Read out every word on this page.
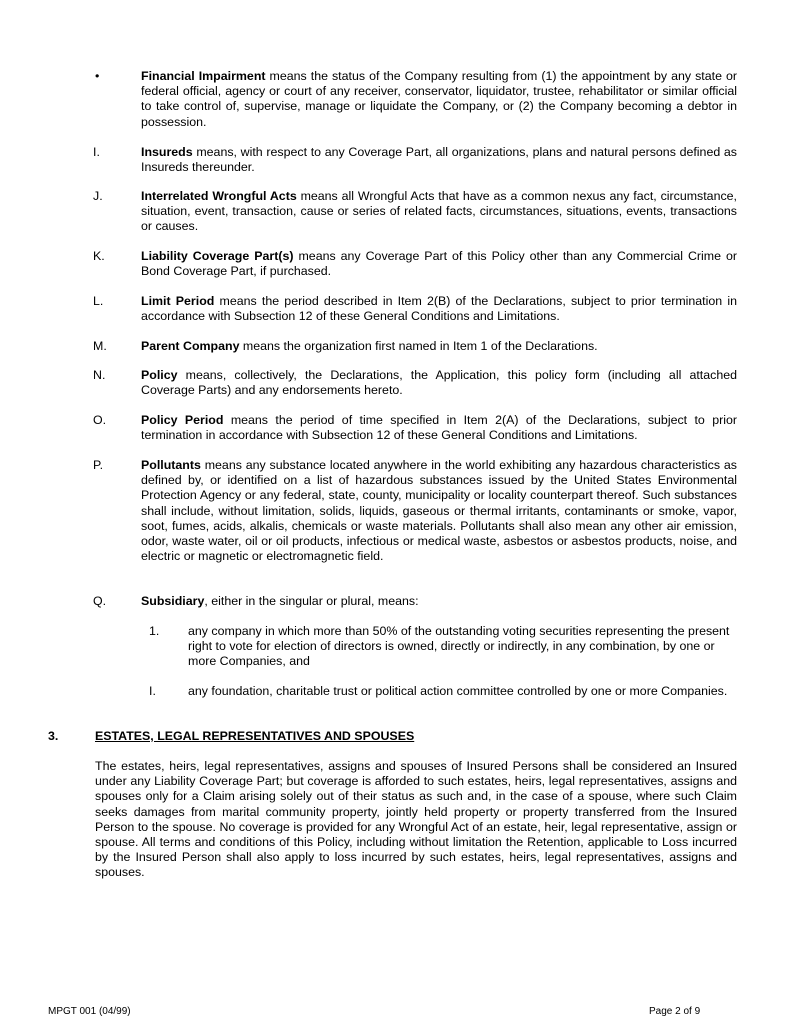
•	Financial Impairment means the status of the Company resulting from (1) the appointment by any state or federal official, agency or court of any receiver, conservator, liquidator, trustee, rehabilitator or similar official to take control of, supervise, manage or liquidate the Company, or (2) the Company becoming a debtor in possession.
I.	Insureds means, with respect to any Coverage Part, all organizations, plans and natural persons defined as Insureds thereunder.
J.	Interrelated Wrongful Acts means all Wrongful Acts that have as a common nexus any fact, circumstance, situation, event, transaction, cause or series of related facts, circumstances, situations, events, transactions or causes.
K.	Liability Coverage Part(s) means any Coverage Part of this Policy other than any Commercial Crime or Bond Coverage Part, if purchased.
L.	Limit Period means the period described in Item 2(B) of the Declarations, subject to prior termination in accordance with Subsection 12 of these General Conditions and Limitations.
M.	Parent Company means the organization first named in Item 1 of the Declarations.
N.	Policy means, collectively, the Declarations, the Application, this policy form (including all attached Coverage Parts) and any endorsements hereto.
O.	Policy Period means the period of time specified in Item 2(A) of the Declarations, subject to prior termination in accordance with Subsection 12 of these General Conditions and Limitations.
P.	Pollutants means any substance located anywhere in the world exhibiting any hazardous characteristics as defined by, or identified on a list of hazardous substances issued by the United States Environmental Protection Agency or any federal, state, county, municipality or locality counterpart thereof. Such substances shall include, without limitation, solids, liquids, gaseous or thermal irritants, contaminants or smoke, vapor, soot, fumes, acids, alkalis, chemicals or waste materials. Pollutants shall also mean any other air emission, odor, waste water, oil or oil products, infectious or medical waste, asbestos or asbestos products, noise, and electric or magnetic or electromagnetic field.
Q.	Subsidiary, either in the singular or plural, means:
1. any company in which more than 50% of the outstanding voting securities representing the present right to vote for election of directors is owned, directly or indirectly, in any combination, by one or more Companies, and
I.	any foundation, charitable trust or political action committee controlled by one or more Companies.
3.	ESTATES, LEGAL REPRESENTATIVES AND SPOUSES
The estates, heirs, legal representatives, assigns and spouses of Insured Persons shall be considered an Insured under any Liability Coverage Part; but coverage is afforded to such estates, heirs, legal representatives, assigns and spouses only for a Claim arising solely out of their status as such and, in the case of a spouse, where such Claim seeks damages from marital community property, jointly held property or property transferred from the Insured Person to the spouse. No coverage is provided for any Wrongful Act of an estate, heir, legal representative, assign or spouse. All terms and conditions of this Policy, including without limitation the Retention, applicable to Loss incurred by the Insured Person shall also apply to loss incurred by such estates, heirs, legal representatives, assigns and spouses.
MPGT 001 (04/99)	Page 2 of 9
